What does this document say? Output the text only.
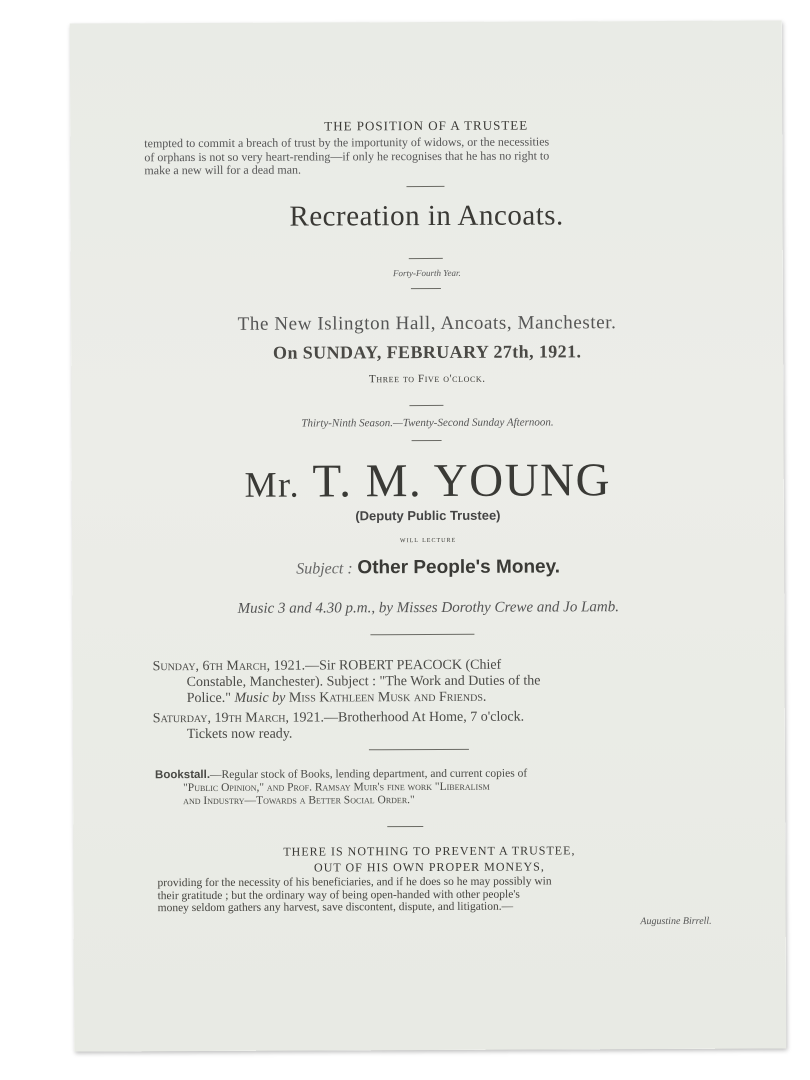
THE POSITION OF A TRUSTEE
tempted to commit a breach of trust by the importunity of widows, or the necessities
of orphans is not so very heart-rending—if only he recognises that he has no right to
make a new will for a dead man.
Recreation in Ancoats.
Forty-Fourth Year.
The New Islington Hall, Ancoats, Manchester.
On SUNDAY, FEBRUARY 27th, 1921.
Three to Five o'clock.
Thirty-Ninth Season.—Twenty-Second Sunday Afternoon.
Mr. T. M. YOUNG
(Deputy Public Trustee)
will lecture
Subject : Other People's Money.
Music 3 and 4.30 p.m., by Misses Dorothy Crewe and Jo Lamb.
Sunday, 6th March, 1921.—Sir ROBERT PEACOCK (Chief
Constable, Manchester). Subject : "The Work and Duties of the
Police." Music by Miss Kathleen Musk and Friends.
Saturday, 19th March, 1921.—Brotherhood At Home, 7 o'clock.
Tickets now ready.
Bookstall.—Regular stock of Books, lending department, and current copies of
"Public Opinion," and Prof. Ramsay Muir's fine work "Liberalism
and Industry—Towards a Better Social Order."
THERE IS NOTHING TO PREVENT A TRUSTEE,
OUT OF HIS OWN PROPER MONEYS,
providing for the necessity of his beneficiaries, and if he does so he may possibly win
their gratitude ; but the ordinary way of being open-handed with other people's
money seldom gathers any harvest, save discontent, dispute, and litigation.—
Augustine Birrell.
